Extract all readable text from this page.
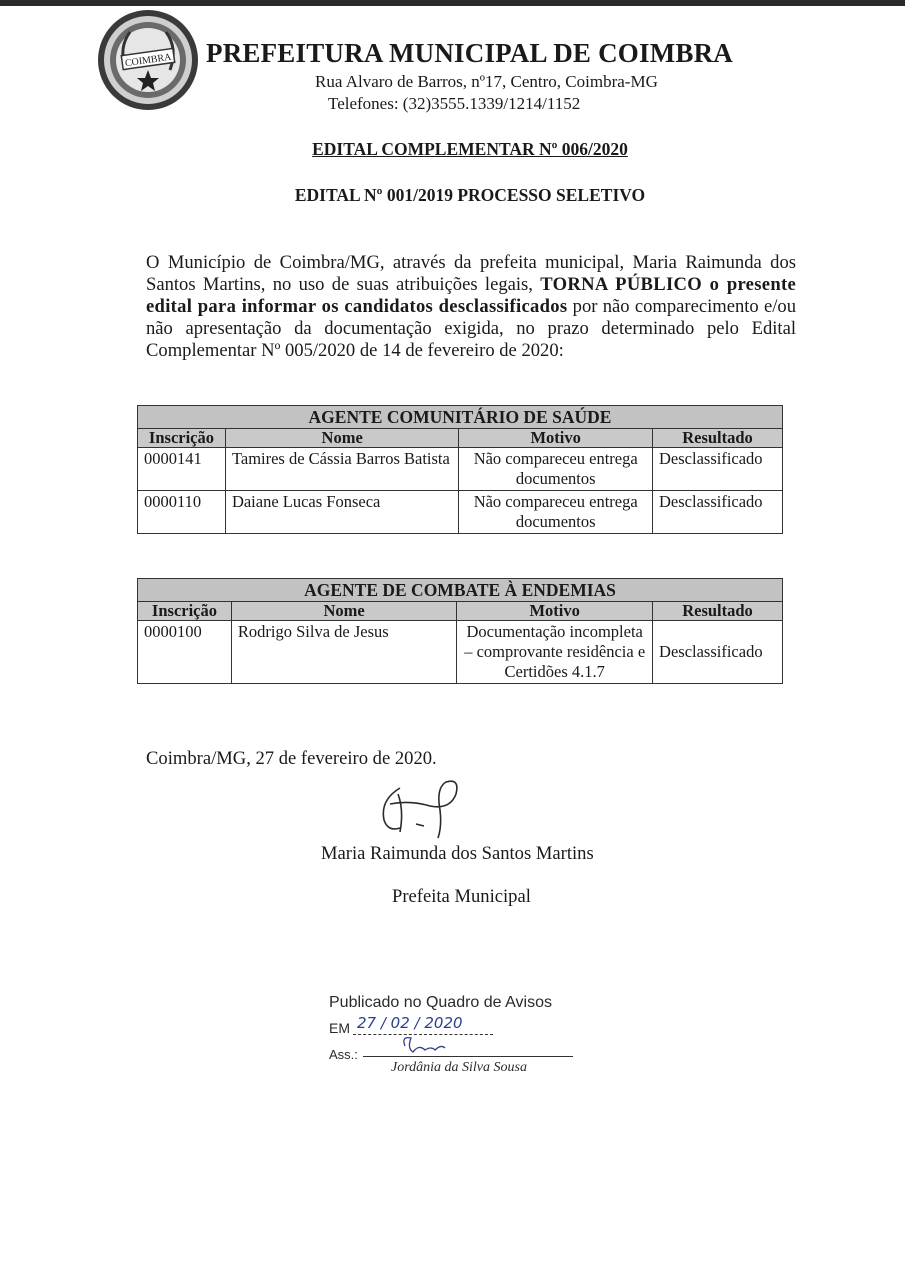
COIMBRA
• • •
PREFEITURA MUNICIPAL DE COIMBRA
Rua Alvaro de Barros, nº17, Centro, Coimbra-MG
Telefones: (32)3555.1339/1214/1152
EDITAL COMPLEMENTAR Nº 006/2020
EDITAL Nº 001/2019 PROCESSO SELETIVO

O Município de Coimbra/MG, através da prefeita municipal, Maria Raimunda dos Santos Martins, no uso de suas atribuições legais, TORNA PÚBLICO o presente edital para informar os candidatos desclassificados por não comparecimento e/ou não apresentação da documentação exigida, no prazo determinado pelo Edital Complementar Nº 005/2020 de 14 de fevereiro de 2020:

AGENTE COMUNITÁRIO DE SAÚDE			
Inscrição	Nome	Motivo	Resultado
0000141	Tamires de Cássia Barros Batista	Não compareceu entrega documentos	Desclassificado
0000110	Daiane Lucas Fonseca	Não compareceu entrega documentos	Desclassificado
AGENTE DE COMBATE À ENDEMIAS			
Inscrição	Nome	Motivo	Resultado
0000100	Rodrigo Silva de Jesus	Documentação incompleta – comprovante residência e Certidões 4.1.7	Desclassificado
Coimbra/MG, 27 de fevereiro de 2020.
Maria Raimunda dos Santos Martins
Prefeita Municipal
Publicado no Quadro de Avisos
EM 27 / 02 / 2020
Ass.:
Jordânia da Silva Sousa
